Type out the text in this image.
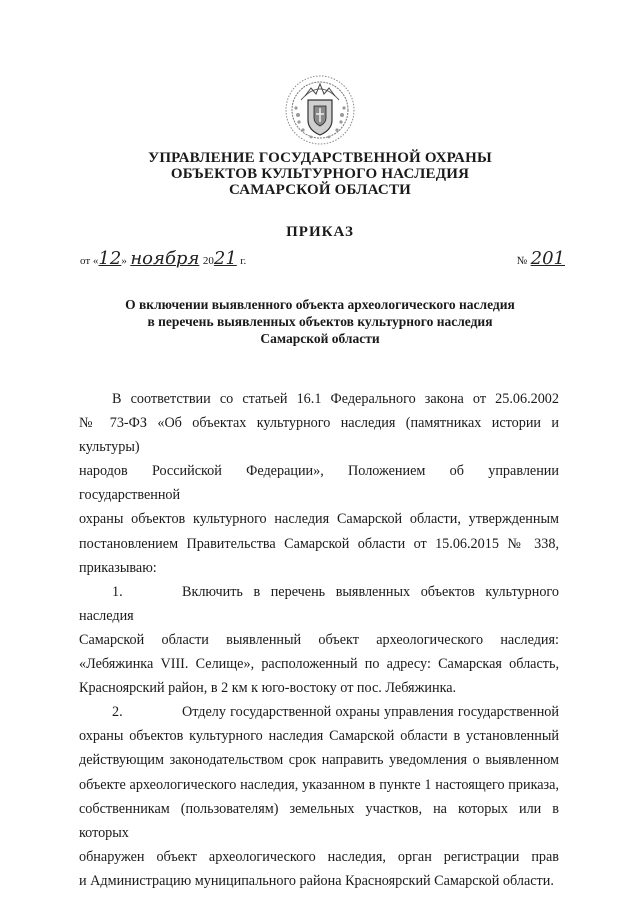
УПРАВЛЕНИЕ ГОСУДАРСТВЕННОЙ ОХРАНЫ

ОБЪЕКТОВ КУЛЬТУРНОГО НАСЛЕДИЯ

САМАРСКОЙ ОБЛАСТИ

ПРИКАЗ

от «12» ноября 2021 г.	№ 201
О включении выявленного объекта археологического наследия
в перечень выявленных объектов культурного наследия
Самарской области

В соответствии со статьей 16.1 Федерального закона от 25.06.2002

№ 73-ФЗ «Об объектах культурного наследия (памятниках истории и культуры)

народов Российской Федерации», Положением об управлении государственной

охраны объектов культурного наследия Самарской области, утвержденным

постановлением Правительства Самарской области от 15.06.2015 № 338,

приказываю:

1.	Включить в перечень выявленных объектов культурного наследия

Самарской области выявленный объект археологического наследия:

«Лебяжинка VIII. Селище», расположенный по адресу: Самарская область,

Красноярский район, в 2 км к юго-востоку от пос. Лебяжинка.

2.	Отделу государственной охраны управления государственной

охраны объектов культурного наследия Самарской области в установленный

действующим законодательством срок направить уведомления о выявленном

объекте археологического наследия, указанном в пункте 1 настоящего приказа,

собственникам (пользователям) земельных участков, на которых или в которых

обнаружен объект археологического наследия, орган регистрации прав

и Администрацию муниципального района Красноярский Самарской области.
